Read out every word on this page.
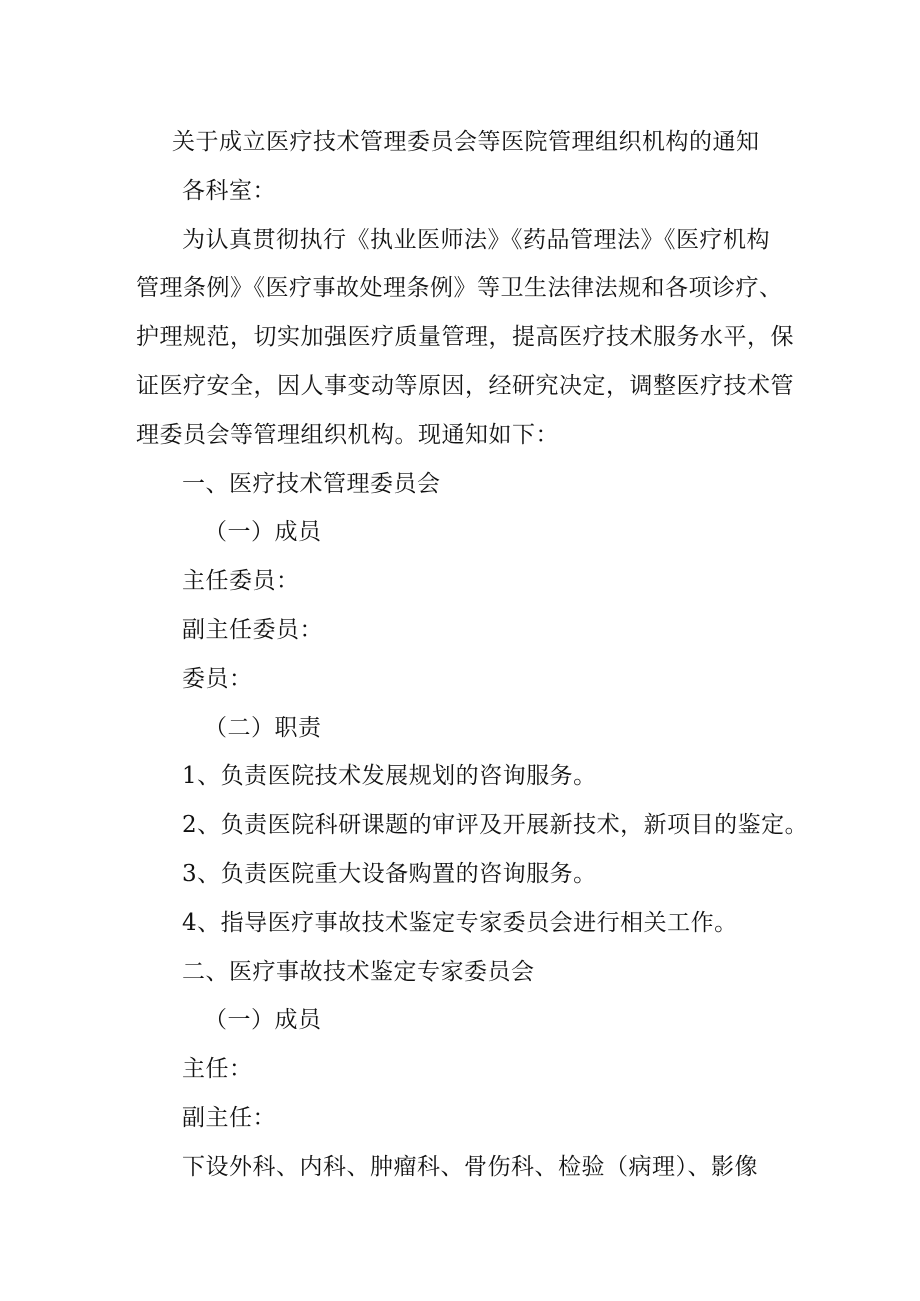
关于成立医疗技术管理委员会等医院管理组织机构的通知
各科室：
为认真贯彻执行《执业医师法》《药品管理法》《医疗机构
管理条例》《医疗事故处理条例》等卫生法律法规和各项诊疗、
护理规范，切实加强医疗质量管理，提高医疗技术服务水平，保
证医疗安全，因人事变动等原因，经研究决定，调整医疗技术管
理委员会等管理组织机构。现通知如下：
一、医疗技术管理委员会
（一）成员
主任委员：
副主任委员：
委员：
（二）职责
1、负责医院技术发展规划的咨询服务。
2、负责医院科研课题的审评及开展新技术，新项目的鉴定。
3、负责医院重大设备购置的咨询服务。
4、指导医疗事故技术鉴定专家委员会进行相关工作。
二、医疗事故技术鉴定专家委员会
（一）成员
主任：
副主任：
下设外科、内科、肿瘤科、骨伤科、检验（病理）、影像
